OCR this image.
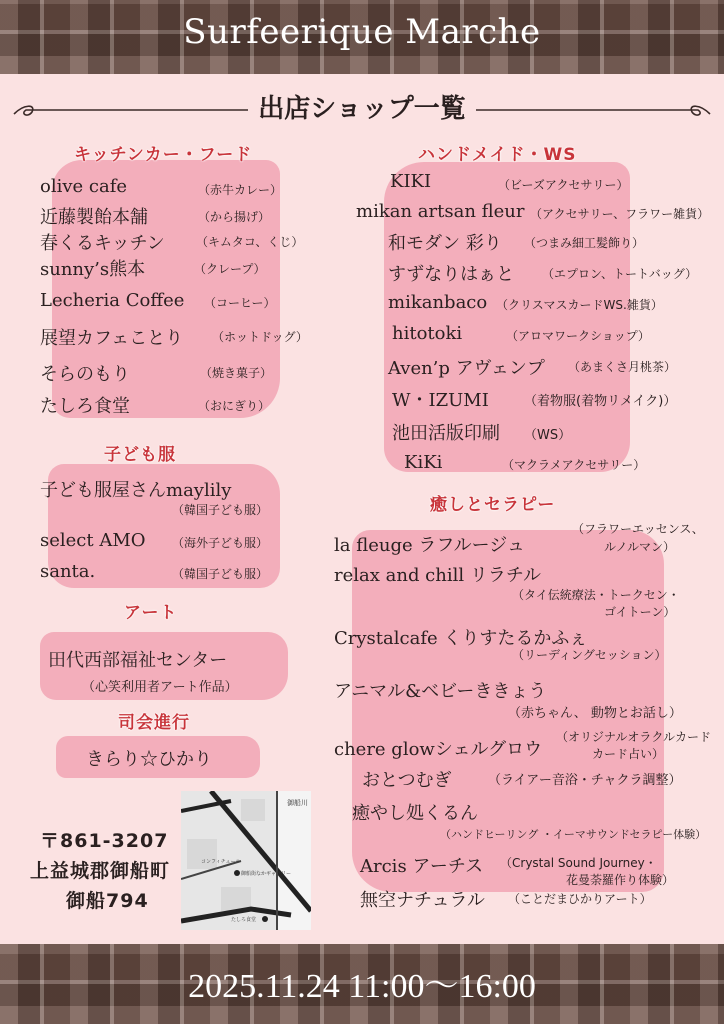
Surfeerique Marche
出店ショップ一覧
キッチンカー・フード
olive cafe	（赤牛カレー）
近藤製飴本舗	（から揚げ）
春くるキッチン	（キムタコ、くじ）
sunny’s熊本	（クレープ）
Lecheria Coffee （コーヒー）
展望カフェことり （ホットドッグ）
そらのもり	（焼き菓子）
たしろ食堂	（おにぎり）
子ども服
子ども服屋さんmaylily
（韓国子ども服）
select AMO （海外子ども服）
santa.	（韓国子ども服）
アート
田代西部福祉センター
（心笑利用者アート作品）
司会進行
きらり☆ひかり
〒861-3207
上益城郡御船町
御船794
コンフィチュール
御船街なかギャラリー
たしろ食堂
御船川
ハンドメイド・WS
KIKI	（ビーズアクセサリー）
mikan artsan fleur （アクセサリー、フラワー雑貨）
和モダン 彩り （つまみ細工髪飾り）
すずなりはぁと （エプロン、トートバッグ）
mikanbaco （クリスマスカードWS.雑貨）
hitotoki	（アロマワークショップ）
Aven’p アヴェンプ （あまくさ月桃茶）
W・IZUMI	（着物服(着物リメイク)）
池田活版印刷 （WS）
KiKi	（マクラメアクセサリー）
癒しとセラピー
la fleuge ラフルージュ
（フラワーエッセンス、
ルノルマン）
relax and chill リラチル
（タイ伝統療法・トークセン・
ゴイトーン）
Crystalcafe くりすたるかふぇ
（リーディングセッション）
アニマル&ベビーききょう
（赤ちゃん、 動物とお話し）
chere glowシェルグロウ
（オリジナルオラクルカード
カード占い）
おとつむぎ	（ライアー音浴・チャクラ調整）
癒やし処くるん
（ハンドヒーリング ・イーマサウンドセラピー体験）
Arcis アーチス （Crystal Sound Journey・
花曼荼羅作り体験）
無空ナチュラル （ことだまひかりアート）
2025.11.24 11:00～16:00
